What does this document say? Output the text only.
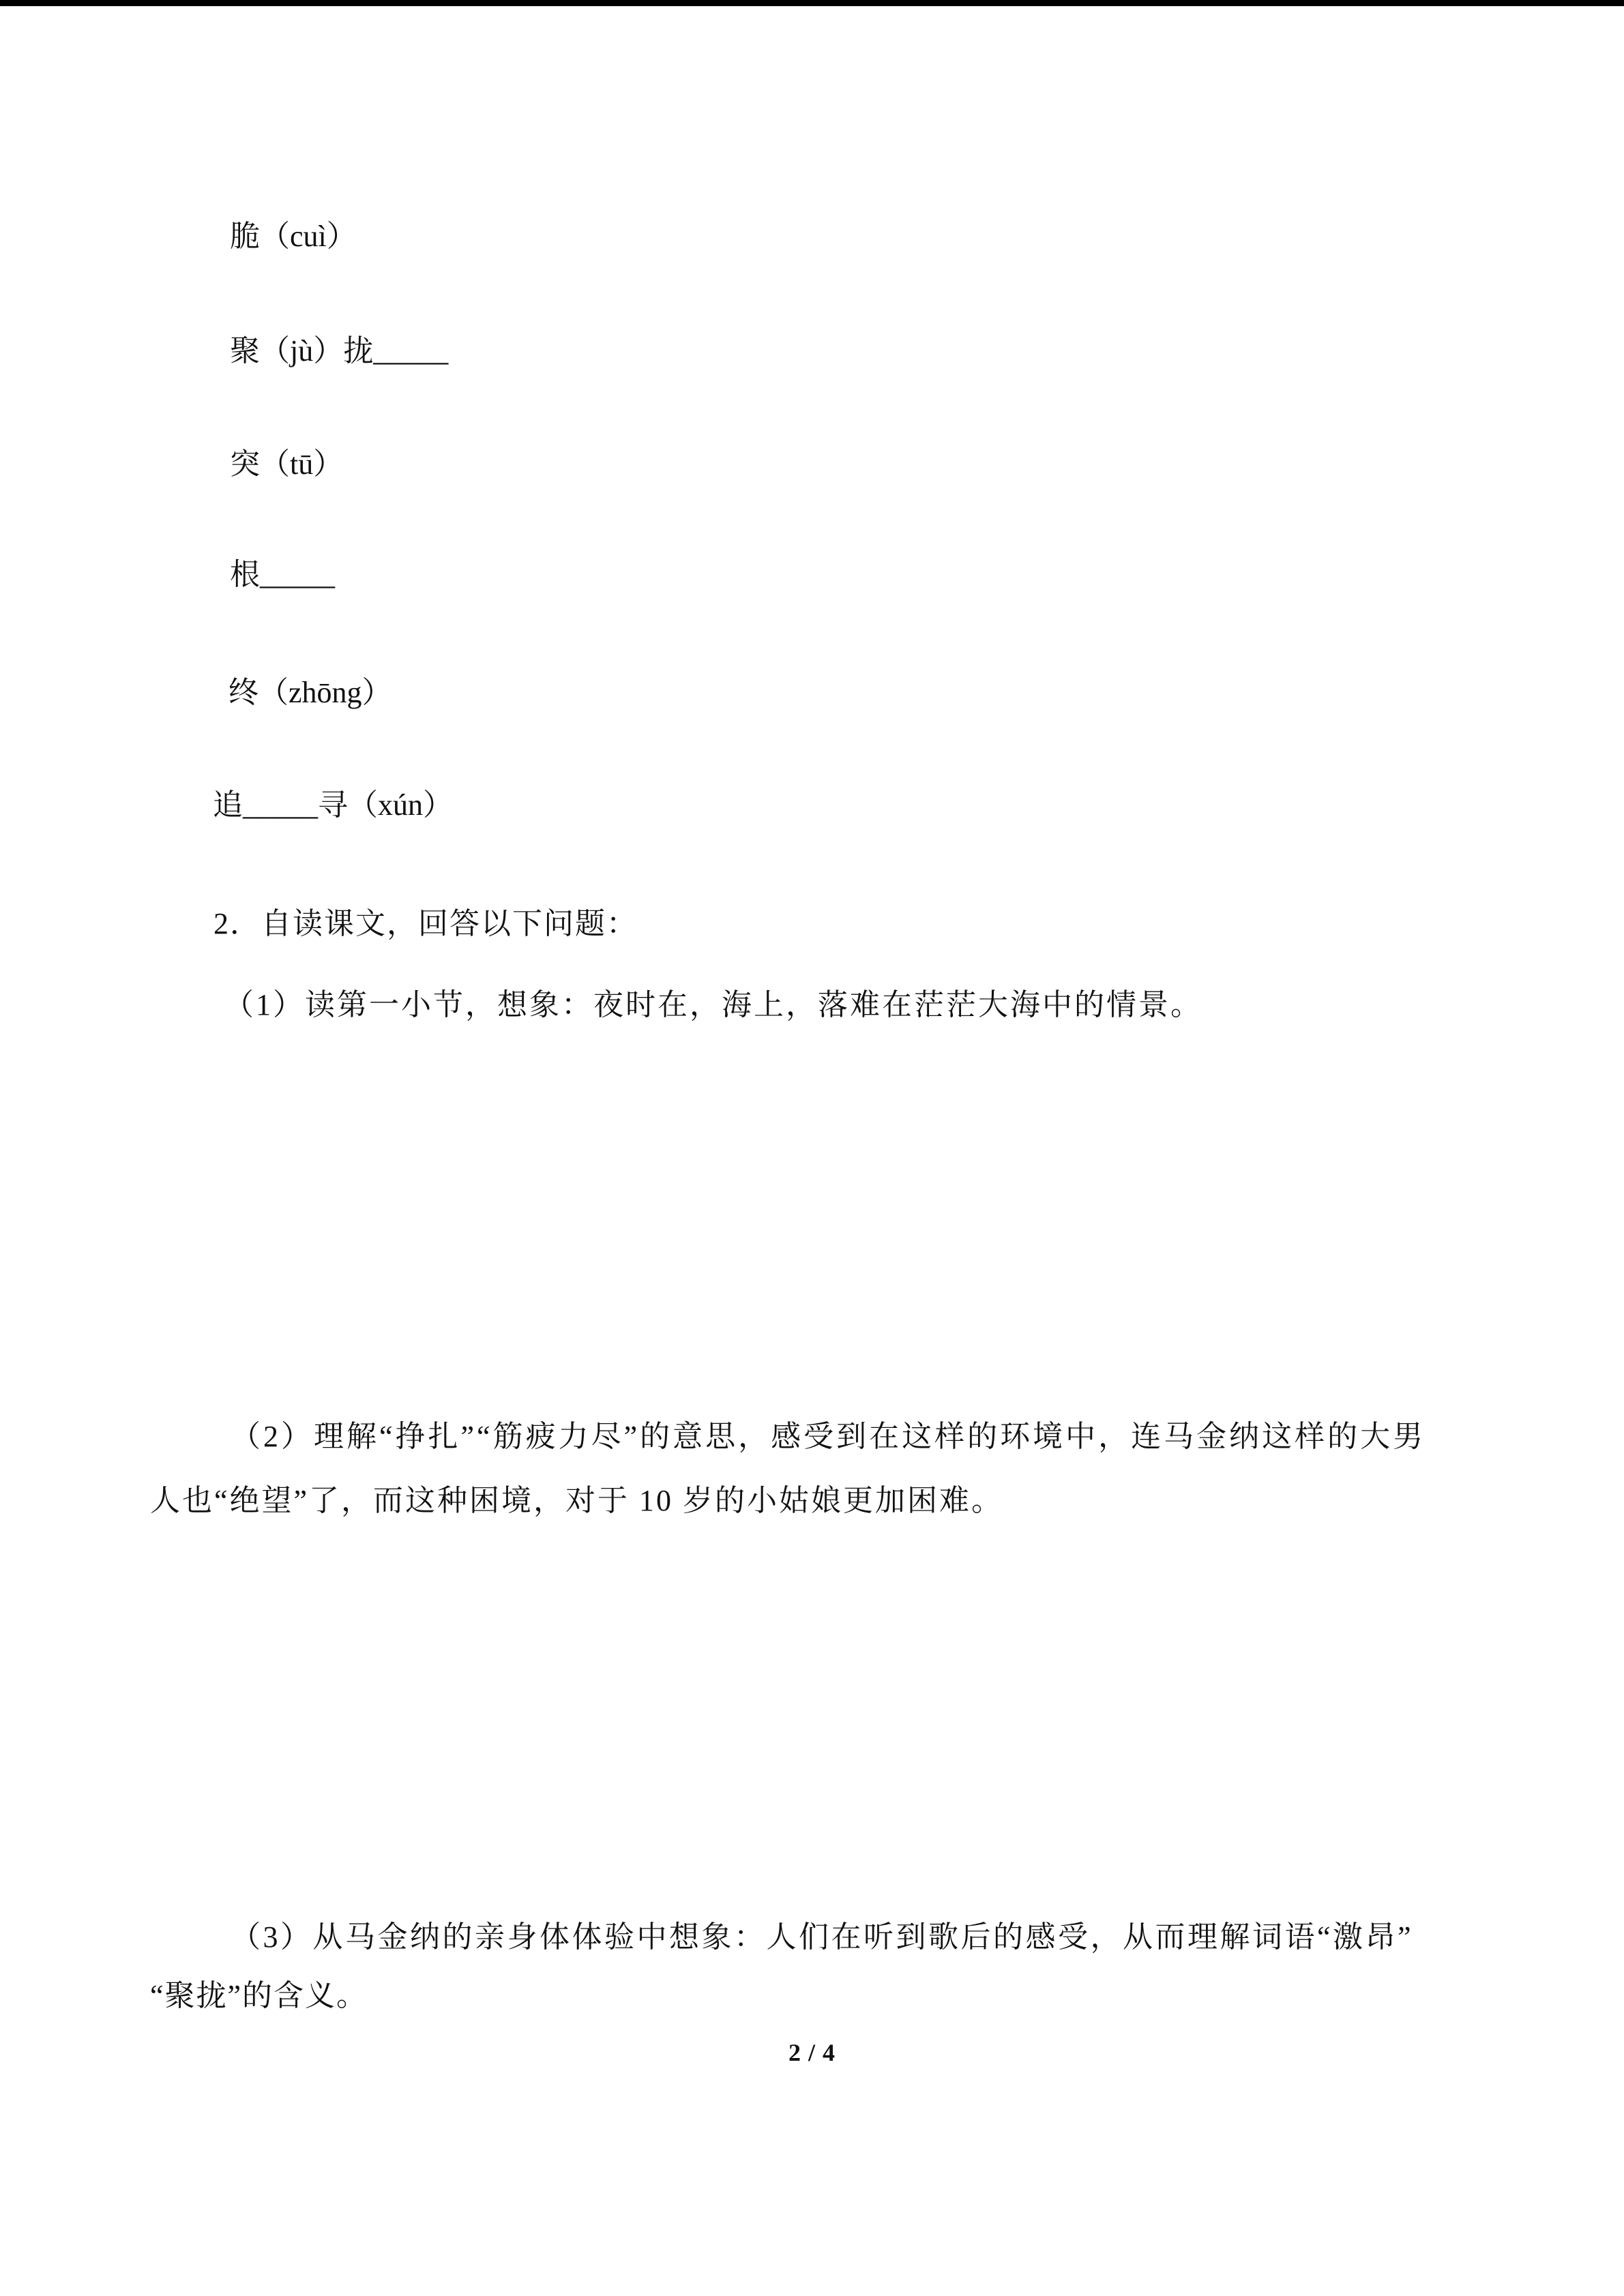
脆（cuì）
聚（jù）拢_____
突（tū）
根_____
终（zhōng）
追_____寻（xún）
2．自读课文，回答以下问题：
（1）读第一小节，想象：夜时在，海上，落难在茫茫大海中的情景。
（2）理解“挣扎”“筋疲力尽”的意思，感受到在这样的环境中，连马金纳这样的大男
人也“绝望”了，而这种困境，对于 10 岁的小姑娘更加困难。
（3）从马金纳的亲身体体验中想象：人们在听到歌后的感受，从而理解词语“激昂”
“聚拢”的含义。
2 / 4
